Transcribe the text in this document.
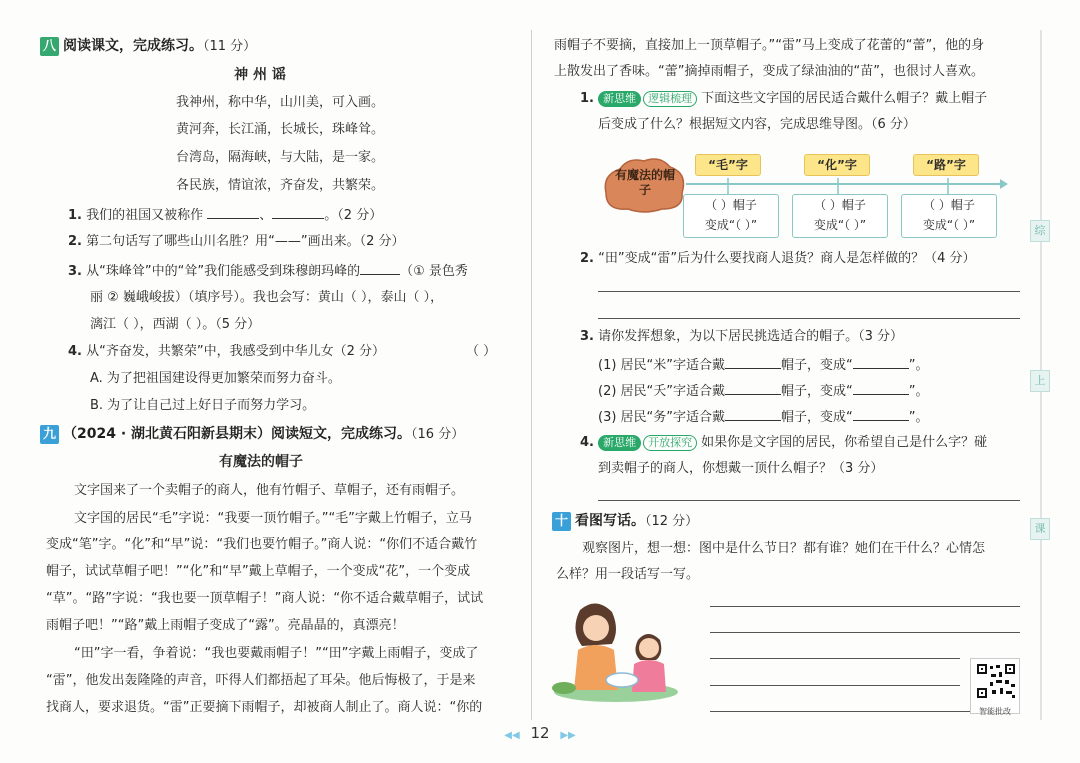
八 阅读课文，完成练习。（11 分）
神 州 谣
我神州，称中华，山川美，可入画。
黄河奔，长江涌，长城长，珠峰耸。
台湾岛，隔海峡，与大陆，是一家。
各民族，情谊浓，齐奋发，共繁荣。
1. 我们的祖国又被称作	、	。（2 分）
2. 第二句话写了哪些山川名胜？用“——”画出来。（2 分）
3. 从“珠峰耸”中的“耸”我们能感受到珠穆朗玛峰的	（① 景色秀
丽 ② 巍峨峻拔）（填序号）。我也会写：黄山（ ），泰山（ ），
漓江（ ），西湖（ ）。（5 分）
4. 从“齐奋发，共繁荣”中，我感受到中华儿女（2 分）	（ ）
A. 为了把祖国建设得更加繁荣而努力奋斗。
B. 为了让自己过上好日子而努力学习。
九 （2024 · 湖北黄石阳新县期末）阅读短文，完成练习。（16 分）
有魔法的帽子
文字国来了一个卖帽子的商人，他有竹帽子、草帽子，还有雨帽子。
文字国的居民“毛”字说：“我要一顶竹帽子。”“毛”字戴上竹帽子，立马
变成“笔”字。“化”和“早”说：“我们也要竹帽子。”商人说：“你们不适合戴竹
帽子，试试草帽子吧！”“化”和“早”戴上草帽子，一个变成“花”，一个变成
“草”。“路”字说：“我也要一顶草帽子！”商人说：“你不适合戴草帽子，试试
雨帽子吧！”“路”戴上雨帽子变成了“露”。亮晶晶的，真漂亮！
“田”字一看，争着说：“我也要戴雨帽子！”“田”字戴上雨帽子，变成了
“雷”，他发出轰隆隆的声音，吓得人们都捂起了耳朵。他后悔极了，于是来
找商人，要求退货。“雷”正要摘下雨帽子，却被商人制止了。商人说：“你的
雨帽子不要摘，直接加上一顶草帽子。”“雷”马上变成了花蕾的“蕾”，他的身
上散发出了香味。“蕾”摘掉雨帽子，变成了绿油油的“苗”，也很讨人喜欢。
1. 新思维 逻辑梳理 下面这些文字国的居民适合戴什么帽子？戴上帽子
后变成了什么？根据短文内容，完成思维导图。（6 分）
有魔法的帽子
“毛”字	“化”字	“路”字
（ ）帽子
变成“（ ）”
（ ）帽子
变成“（ ）”
（ ）帽子
变成“（ ）”
2. “田”变成“雷”后为什么要找商人退货？商人是怎样做的？（4 分）
3. 请你发挥想象，为以下居民挑选适合的帽子。（3 分）
(1) 居民“米”字适合戴	帽子，变成“	”。
(2) 居民“夭”字适合戴	帽子，变成“	”。
(3) 居民“务”字适合戴	帽子，变成“	”。
4. 新思维 开放探究 如果你是文字国的居民，你希望自己是什么字？碰
到卖帽子的商人，你想戴一顶什么帽子？（3 分）
十 看图写话。（12 分）
观察图片，想一想：图中是什么节日？都有谁？她们在干什么？心情怎
么样？用一段话写一写。
智能批改
综
上
课
◀◀ 12 ▶▶
